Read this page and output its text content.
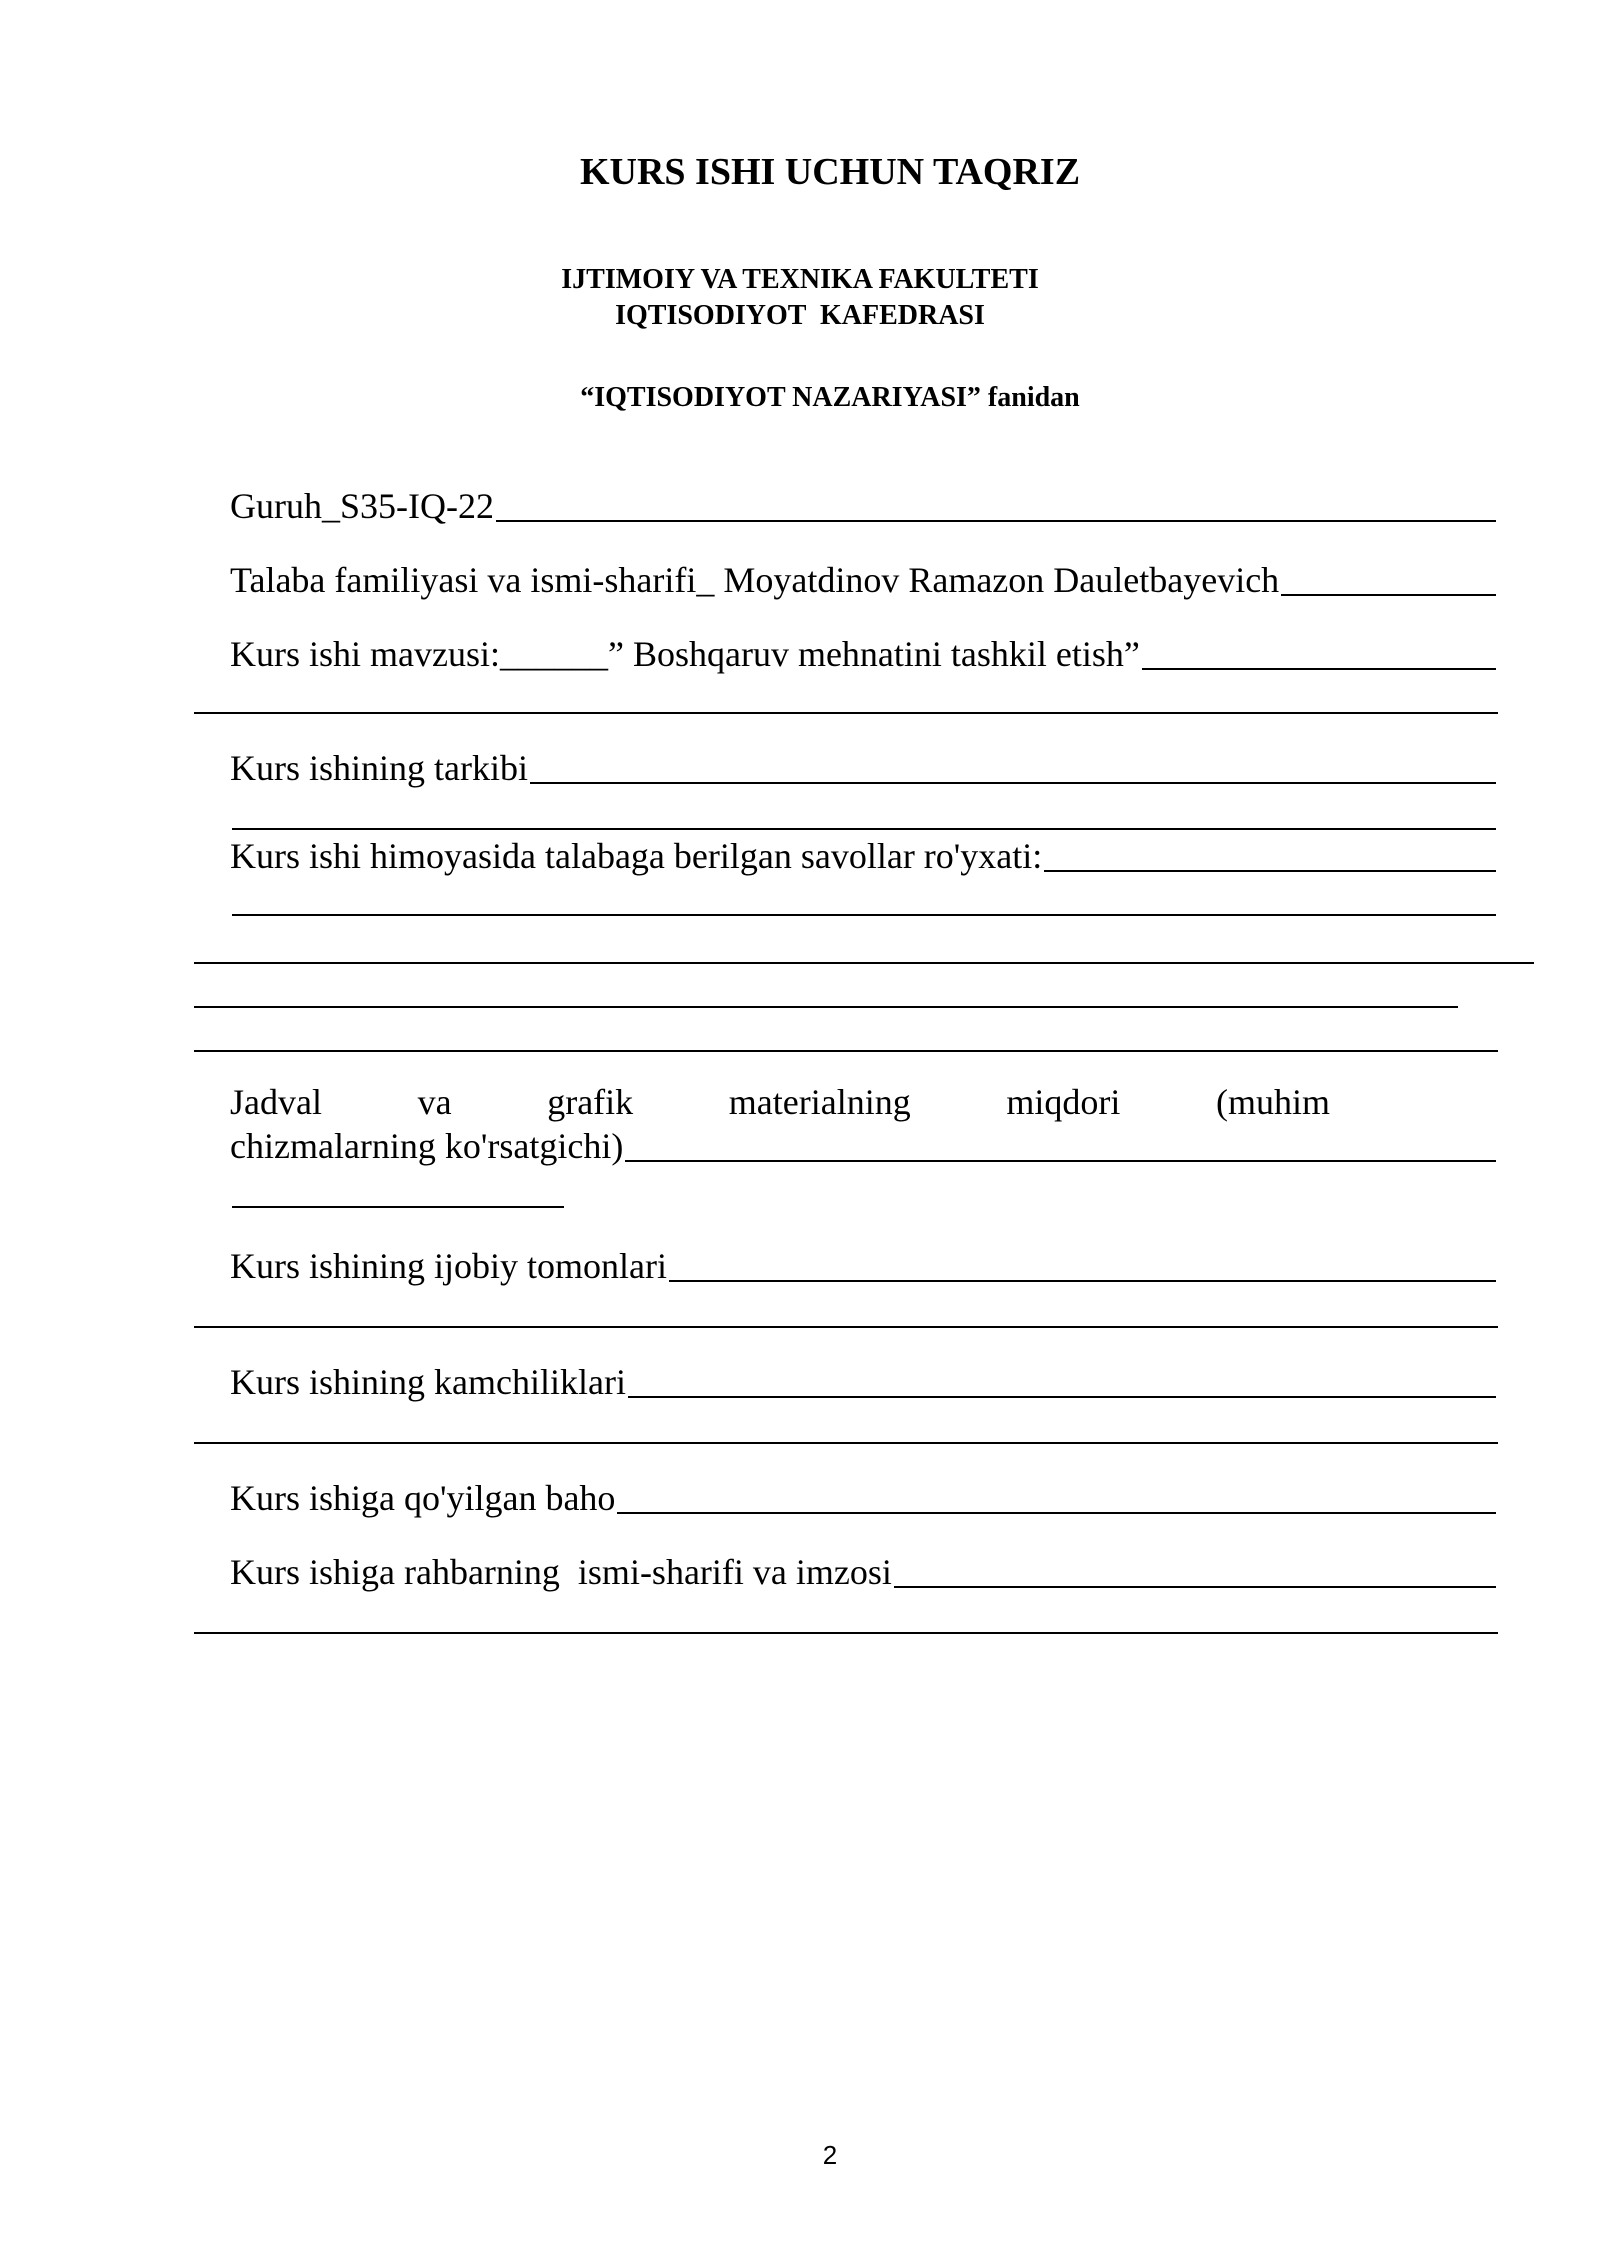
KURS ISHI UCHUN TAQRIZ
IJTIMOIY VA TEXNIKA FAKULTETI
IQTISODIYOT  KAFEDRASI
“IQTISODIYOT NAZARIYASI” fanidan
Guruh_S35-IQ-22
Talaba familiyasi va ismi-sharifi_ Moyatdinov Ramazon Dauletbayevich
Kurs ishi mavzusi:______ ” Boshqaruv mehnatini tashkil etish”
Kurs ishining tarkibi
Kurs ishi himoyasida talabaga berilgan savollar ro'yxati:
Jadval	va	grafik	materialning	miqdori	(muhim
chizmalarning ko'rsatgichi)
Kurs ishining ijobiy tomonlari
Kurs ishining kamchiliklari
Kurs ishiga qo'yilgan baho
Kurs ishiga rahbarning  ismi-sharifi va imzosi
2
